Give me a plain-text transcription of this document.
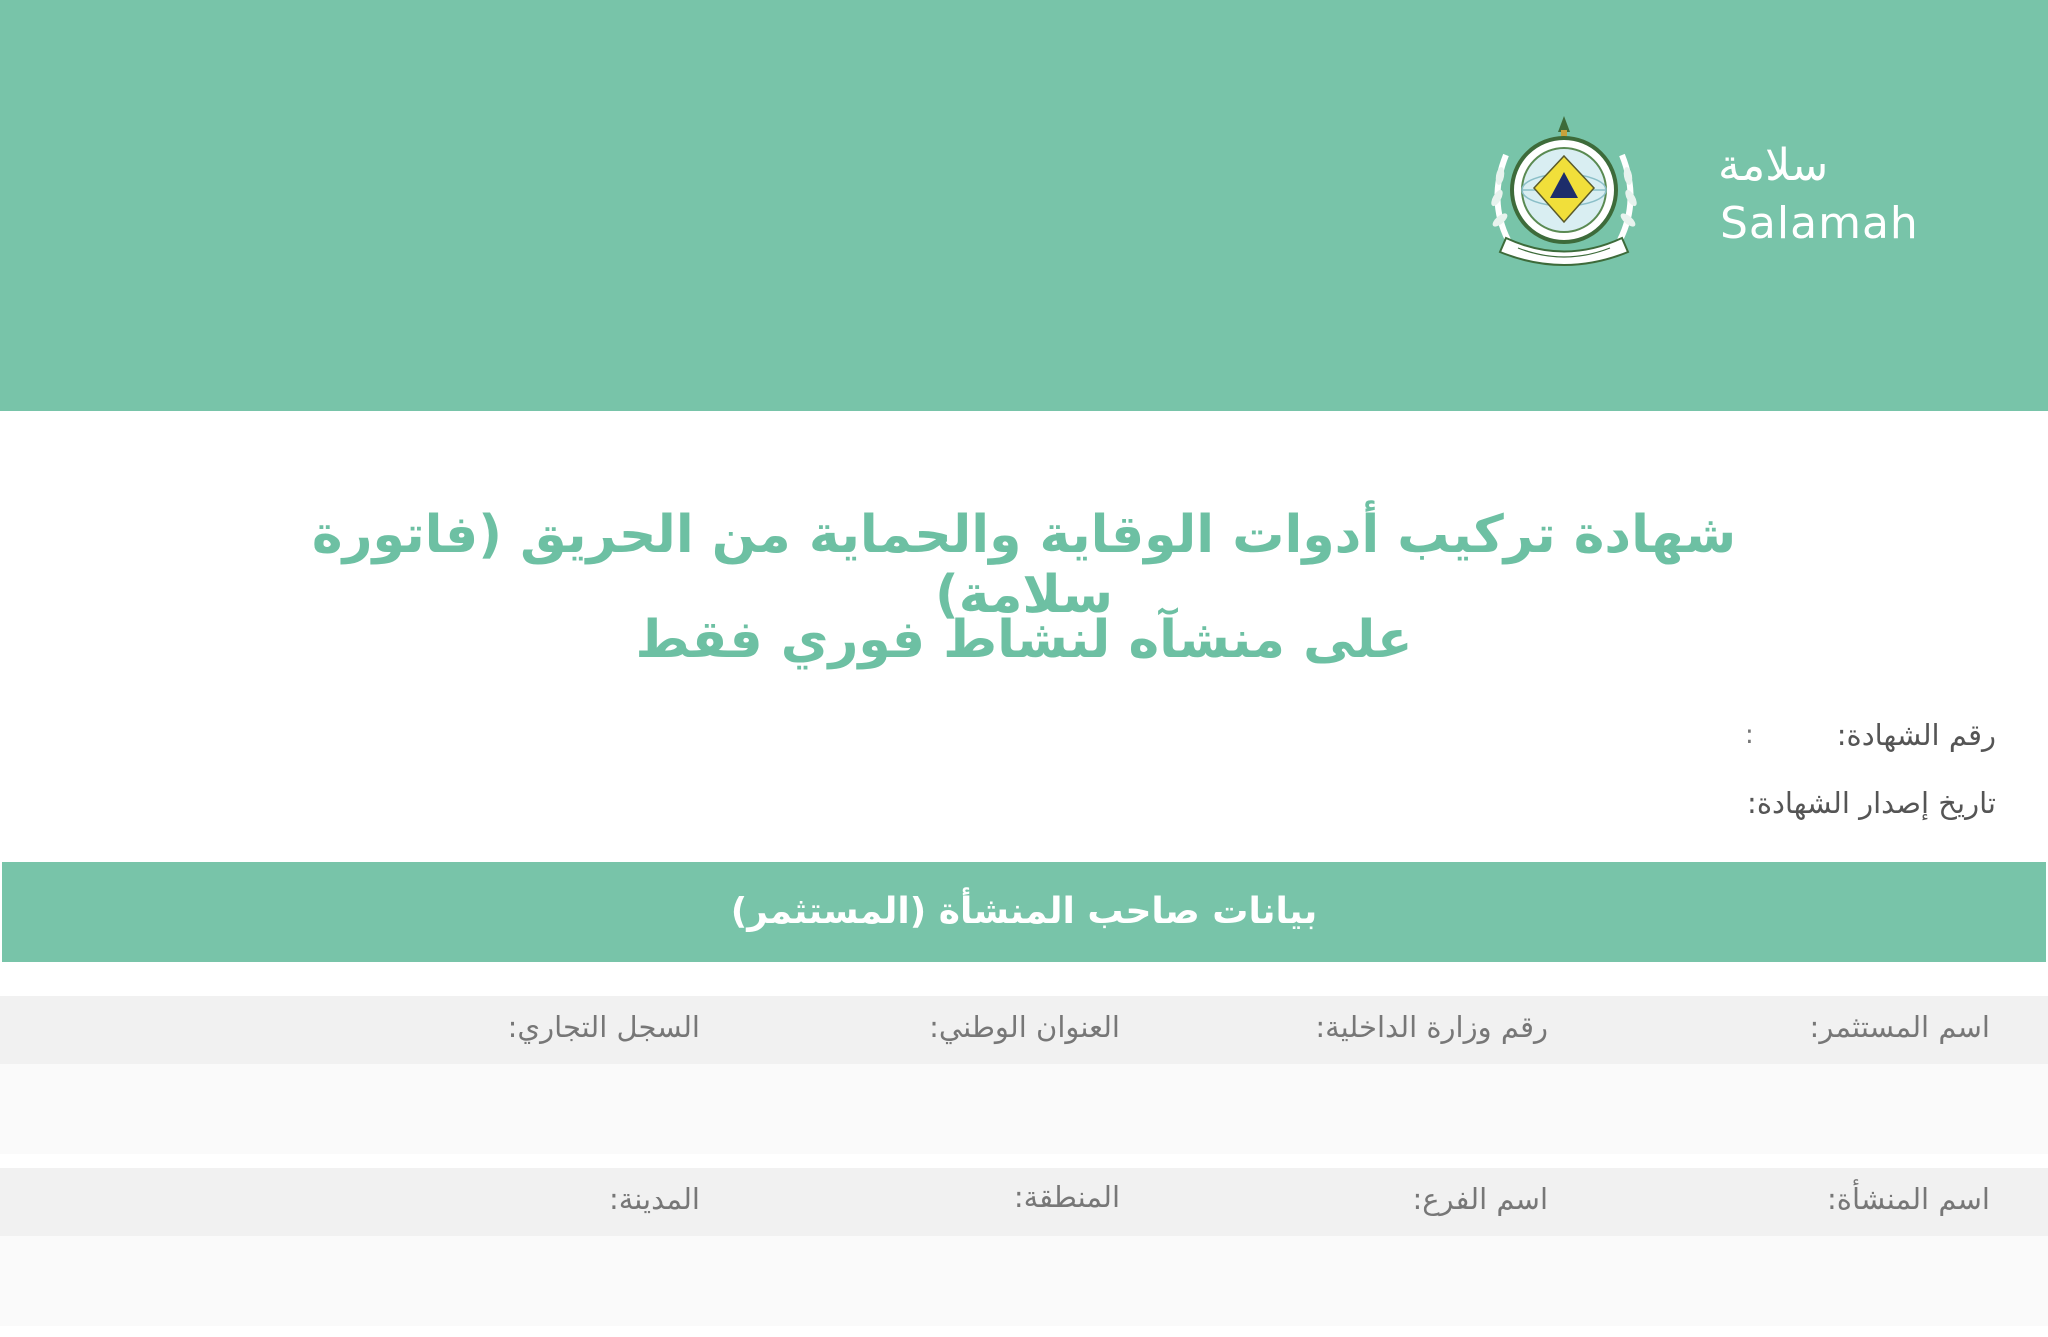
سلامة
Salamah
شهادة تركيب أدوات الوقاية والحماية من الحريق (فاتورة سلامة)
على منشآه لنشاط فوري فقط
رقم الشهادة:
:
تاريخ إصدار الشهادة:
بيانات صاحب المنشأة (المستثمر)
اسم المستثمر:
رقم وزارة الداخلية:
العنوان الوطني:
السجل التجاري:
اسم المنشأة:
اسم الفرع:
المنطقة:
المدينة:
